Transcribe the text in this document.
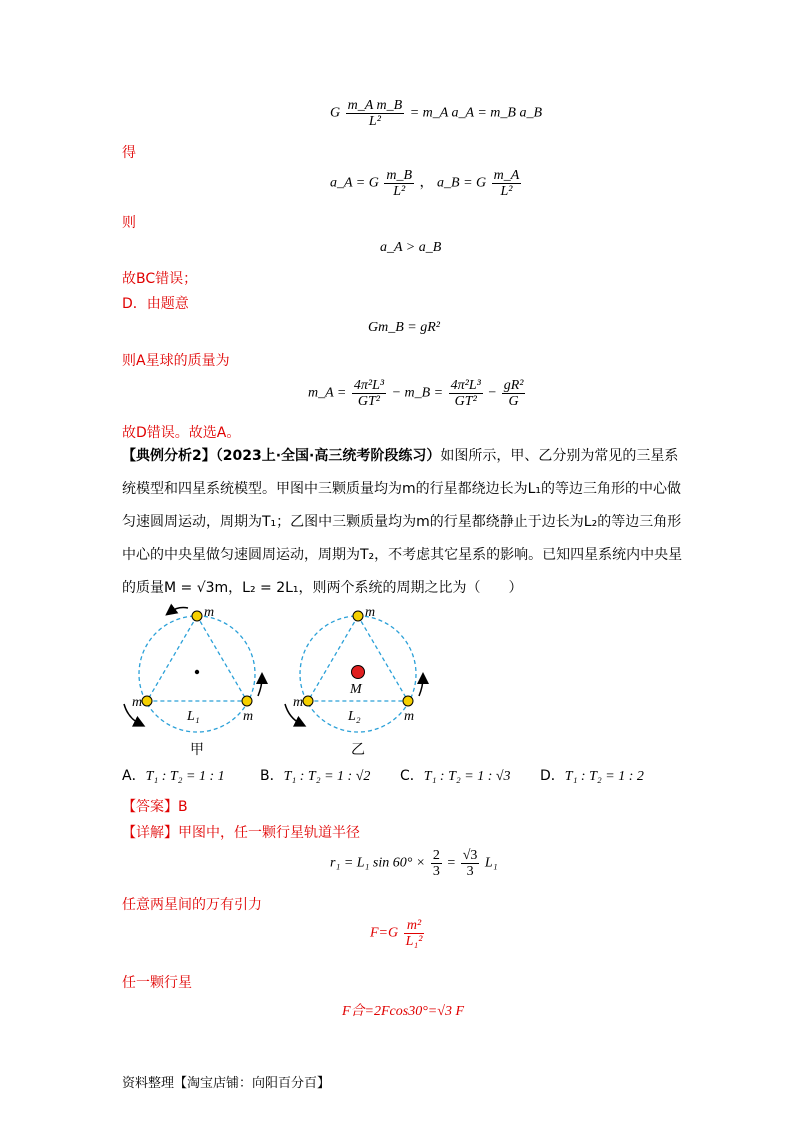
G $\frac{\text{m\_A m\_B}}{\text{L²}}$ = m_A a_A = m_B a_B
得
a_A = G $\frac{m\_B}{\text{L²}}$ ， a_B = G $\frac{m\_A}{\text{L²}}$
则
a_A > a_B
故BC错误；
D．由题意
Gm_B = gR²
则A星球的质量为
m_A = $\frac{\text{4π²L³}}{\text{GT²}}$ − m_B = $\frac{\text{4π²L³}}{\text{GT²}} - \frac{\text{gR²}}{G}$
故D错误。故选A。
【典例分析2】（2023上·全国·高三统考阶段练习）如图所示，甲、乙分别为常见的三星系统模型和四星系统模型。甲图中三颗质量均为m的行星都绕边长为L₁的等边三角形的中心做匀速圆周运动，周期为T₁；乙图中三颗质量均为m的行星都绕静止于边长为L₂的等边三角形中心的中央星做匀速圆周运动，周期为T₂，不考虑其它星系的影响。已知四星系统内中央星的质量M = √3m，L₂ = 2L₁，则两个系统的周期之比为（　　）
m
m
m
L₁
甲
m
M
m
m
L₂
乙
A．T₁ : T₂ = 1 : 1	B．T₁ : T₂ = 1 : √2 C．T₁ : T₂ = 1 : √3 D．T₁ : T₂ = 1 : 2
【答案】B
【详解】甲图中，任一颗行星轨道半径
r₁ = L₁ $\sin 60^\circ \times \frac{2}{3} = \frac{√3}{3} L_1$
任意两星间的万有引力
$F=G \frac{\text{m²}}{\text{L₁²}}$
任一颗行星
F合=2Fcos30°=√3 F
资料整理【淘宝店铺：向阳百分百】
